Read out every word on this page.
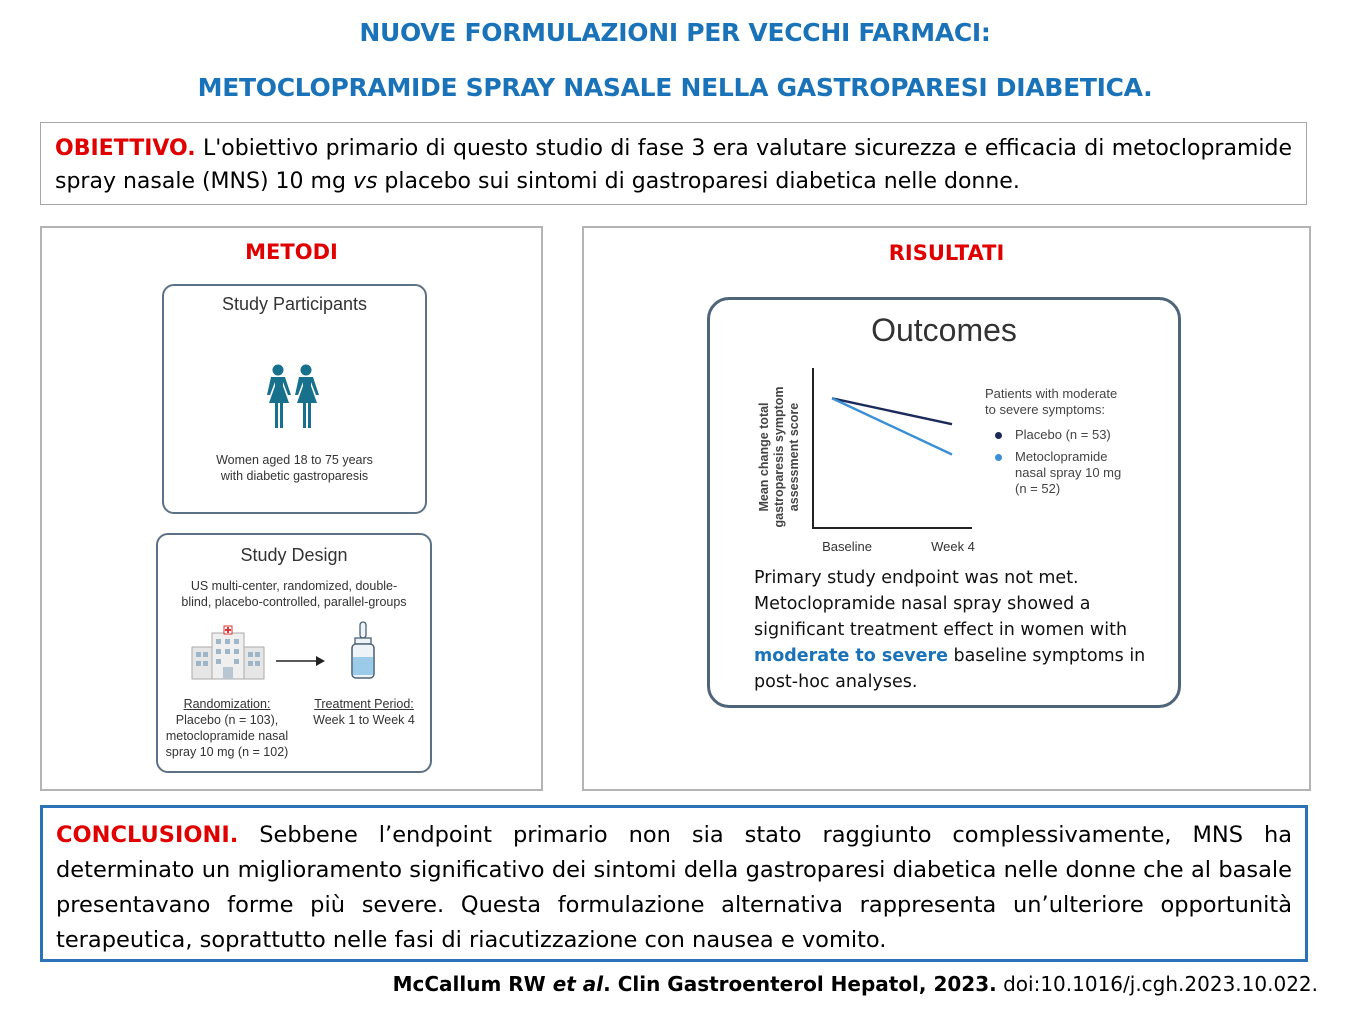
NUOVE FORMULAZIONI PER VECCHI FARMACI:
METOCLOPRAMIDE SPRAY NASALE NELLA GASTROPARESI DIABETICA.
OBIETTIVO. L'obiettivo primario di questo studio di fase 3 era valutare sicurezza e efficacia di metoclopramide spray nasale (MNS) 10 mg vs placebo sui sintomi di gastroparesi diabetica nelle donne.
METODI
Study Participants
Women aged 18 to 75 years
with diabetic gastroparesis
Study Design
US multi-center, randomized, double-
blind, placebo-controlled, parallel-groups
Randomization:
Placebo (n = 103),
metoclopramide nasal
spray 10 mg (n = 102)
Treatment Period:
Week 1 to Week 4
RISULTATI
Outcomes
Mean change total gastroparesis symptom assessment score
Baseline	Week 4
Patients with moderate
to severe symptoms:
Placebo (n = 53)
Metoclopramide
nasal spray 10 mg
(n = 52)
Primary study endpoint was not met.
Metoclopramide nasal spray showed a
significant treatment effect in women with
moderate to severe baseline symptoms in
post-hoc analyses.
CONCLUSIONI. Sebbene l’endpoint primario non sia stato raggiunto complessivamente, MNS ha determinato un miglioramento significativo dei sintomi della gastroparesi diabetica nelle donne che al basale presentavano forme più severe. Questa formulazione alternativa rappresenta un’ulteriore opportunità terapeutica, soprattutto nelle fasi di riacutizzazione con nausea e vomito.
McCallum RW et al. Clin Gastroenterol Hepatol, 2023. doi:10.1016/j.cgh.2023.10.022.
